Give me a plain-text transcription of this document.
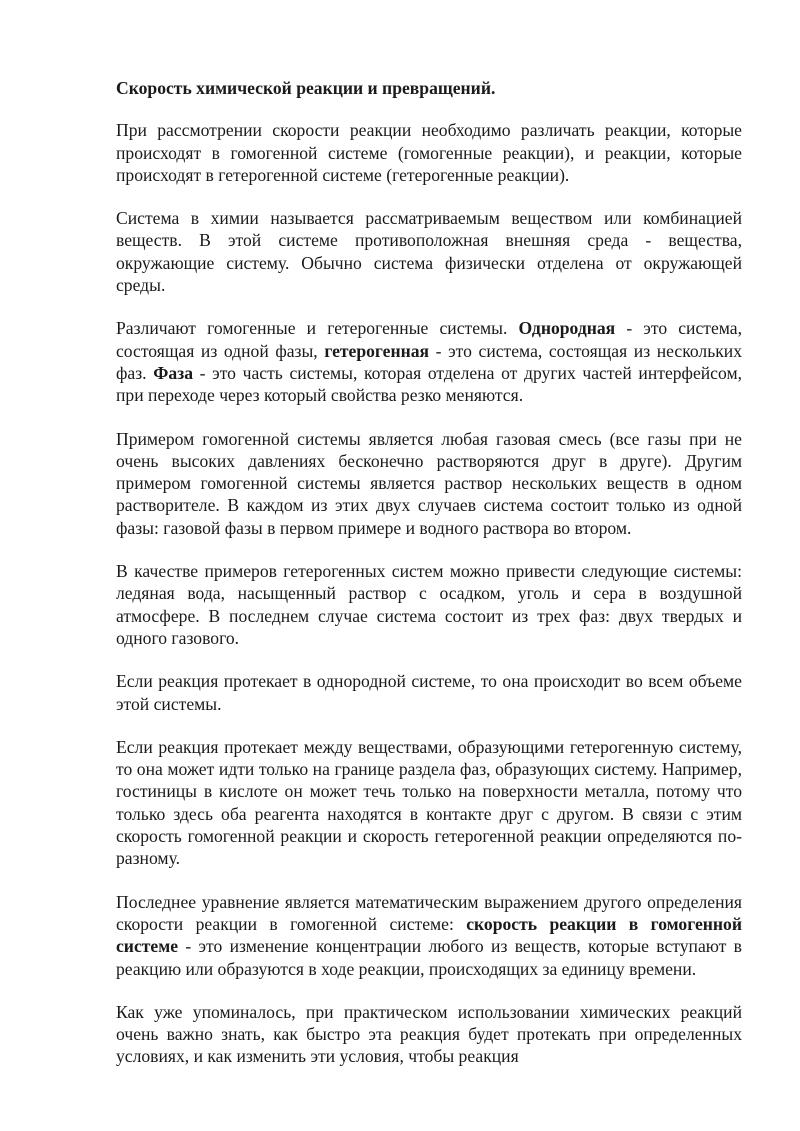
Скорость химической реакции и превращений.

При рассмотрении скорости реакции необходимо различать реакции, которые происходят в гомогенной системе (гомогенные реакции), и реакции, которые происходят в гетерогенной системе (гетерогенные реакции).

Система в химии называется рассматриваемым веществом или комбинацией веществ. В этой системе противоположная внешняя среда - вещества, окружающие систему. Обычно система физически отделена от окружающей среды.

Различают гомогенные и гетерогенные системы. Однородная - это система, состоящая из одной фазы, гетерогенная - это система, состоящая из нескольких фаз. Фаза - это часть системы, которая отделена от других частей интерфейсом, при переходе через который свойства резко меняются.

Примером гомогенной системы является любая газовая смесь (все газы при не очень высоких давлениях бесконечно растворяются друг в друге). Другим примером гомогенной системы является раствор нескольких веществ в одном растворителе. В каждом из этих двух случаев система состоит только из одной фазы: газовой фазы в первом примере и водного раствора во втором.

В качестве примеров гетерогенных систем можно привести следующие системы: ледяная вода, насыщенный раствор с осадком, уголь и сера в воздушной атмосфере. В последнем случае система состоит из трех фаз: двух твердых и одного газового.

Если реакция протекает в однородной системе, то она происходит во всем объеме этой системы.

Если реакция протекает между веществами, образующими гетерогенную систему, то она может идти только на границе раздела фаз, образующих систему. Например, гостиницы в кислоте он может течь только на поверхности металла, потому что только здесь оба реагента находятся в контакте друг с другом. В связи с этим скорость гомогенной реакции и скорость гетерогенной реакции определяются по-разному.

Последнее уравнение является математическим выражением другого определения скорости реакции в гомогенной системе: скорость реакции в гомогенной системе - это изменение концентрации любого из веществ, которые вступают в реакцию или образуются в ходе реакции, происходящих за единицу времени.

Как уже упоминалось, при практическом использовании химических реакций очень важно знать, как быстро эта реакция будет протекать при определенных условиях, и как изменить эти условия, чтобы реакция
